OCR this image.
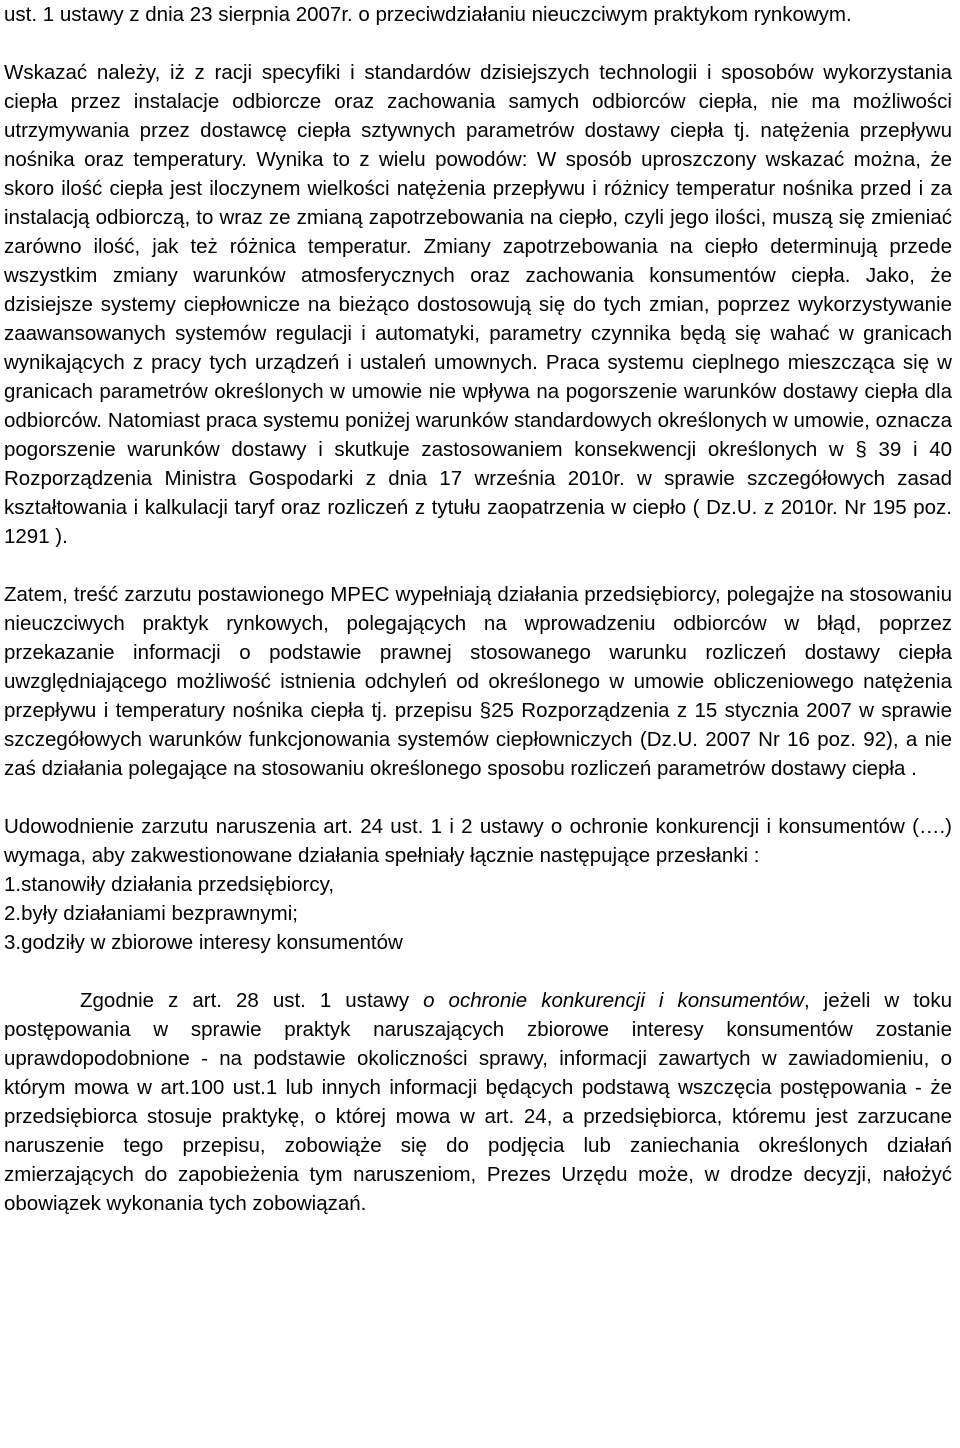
ust. 1 ustawy z dnia 23 sierpnia 2007r. o przeciwdziałaniu nieuczciwym praktykom rynkowym.

Wskazać należy, iż z racji specyfiki i standardów dzisiejszych technologii i sposobów wykorzystania ciepła przez instalacje odbiorcze oraz zachowania samych odbiorców ciepła, nie ma możliwości utrzymywania przez dostawcę ciepła sztywnych parametrów dostawy ciepła tj. natężenia przepływu nośnika oraz temperatury. Wynika to z wielu powodów: W sposób uproszczony wskazać można, że skoro ilość ciepła jest iloczynem wielkości natężenia przepływu i różnicy temperatur nośnika przed i za instalacją odbiorczą, to wraz ze zmianą zapotrzebowania na ciepło, czyli jego ilości, muszą się zmieniać zarówno ilość, jak też różnica temperatur. Zmiany zapotrzebowania na ciepło determinują przede wszystkim zmiany warunków atmosferycznych oraz zachowania konsumentów ciepła. Jako, że dzisiejsze systemy ciepłownicze na bieżąco dostosowują się do tych zmian, poprzez wykorzystywanie zaawansowanych systemów regulacji i automatyki, parametry czynnika będą się wahać w granicach wynikających z pracy tych urządzeń i ustaleń umownych. Praca systemu cieplnego mieszcząca się w granicach parametrów określonych w umowie nie wpływa na pogorszenie warunków dostawy ciepła dla odbiorców. Natomiast praca systemu poniżej warunków standardowych określonych w umowie, oznacza pogorszenie warunków dostawy i skutkuje zastosowaniem konsekwencji określonych w § 39 i 40 Rozporządzenia Ministra Gospodarki z dnia 17 września 2010r. w sprawie szczegółowych zasad kształtowania i kalkulacji taryf oraz rozliczeń z tytułu zaopatrzenia w ciepło ( Dz.U. z 2010r. Nr 195 poz. 1291 ).

Zatem, treść zarzutu postawionego MPEC wypełniają działania przedsiębiorcy, polegajże na stosowaniu nieuczciwych praktyk rynkowych, polegających na wprowadzeniu odbiorców w błąd, poprzez przekazanie informacji o podstawie prawnej stosowanego warunku rozliczeń dostawy ciepła uwzględniającego możliwość istnienia odchyleń od określonego w umowie obliczeniowego natężenia przepływu i temperatury nośnika ciepła tj. przepisu §25 Rozporządzenia z 15 stycznia 2007 w sprawie szczegółowych warunków funkcjonowania systemów ciepłowniczych (Dz.U. 2007 Nr 16 poz. 92), a nie zaś działania polegające na stosowaniu określonego sposobu rozliczeń parametrów dostawy ciepła .

Udowodnienie zarzutu naruszenia art. 24 ust. 1 i 2 ustawy o ochronie konkurencji i konsumentów (….) wymaga, aby zakwestionowane działania spełniały łącznie następujące przesłanki :

1.stanowiły działania przedsiębiorcy,

2.były działaniami bezprawnymi;

3.godziły w zbiorowe interesy konsumentów

Zgodnie z art. 28 ust. 1 ustawy o ochronie konkurencji i konsumentów, jeżeli w toku postępowania w sprawie praktyk naruszających zbiorowe interesy konsumentów zostanie uprawdopodobnione - na podstawie okoliczności sprawy, informacji zawartych w zawiadomieniu, o którym mowa w art.100 ust.1 lub innych informacji będących podstawą wszczęcia postępowania - że przedsiębiorca stosuje praktykę, o której mowa w art. 24, a przedsiębiorca, któremu jest zarzucane naruszenie tego przepisu, zobowiąże się do podjęcia lub zaniechania określonych działań zmierzających do zapobieżenia tym naruszeniom, Prezes Urzędu może, w drodze decyzji, nałożyć obowiązek wykonania tych zobowiązań.
